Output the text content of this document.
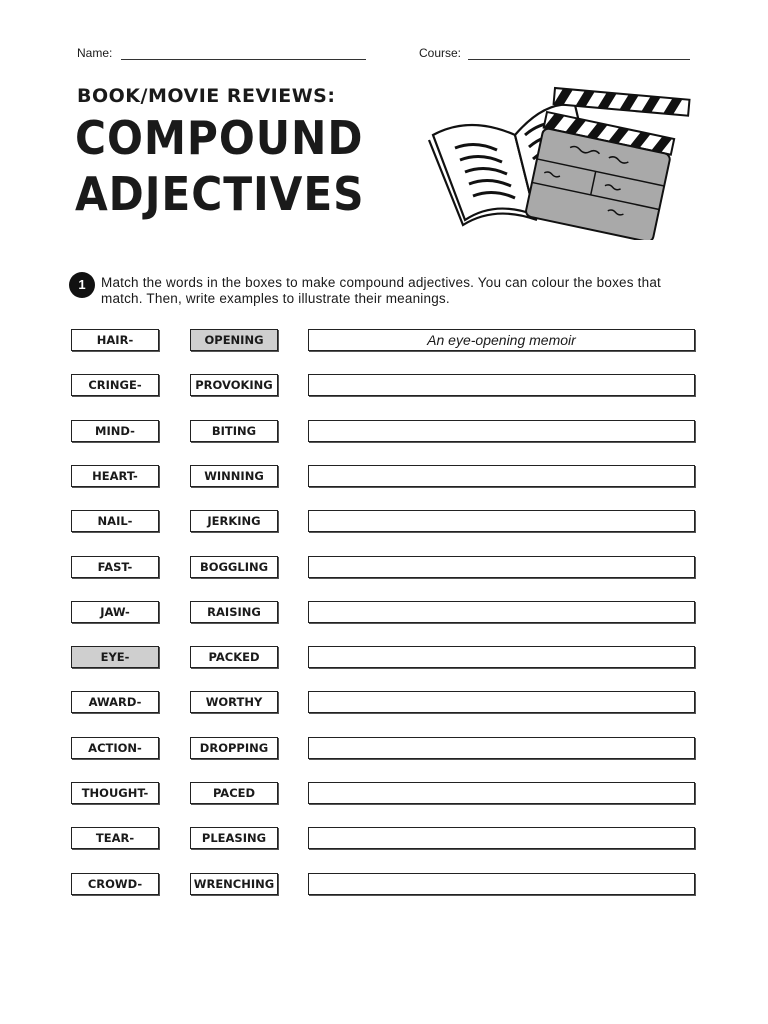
Name:	Course:
BOOK/MOVIE REVIEWS:
COMPOUND
ADJECTIVES
1	Match the words in the boxes to make compound adjectives. You can colour the boxes that match. Then, write examples to illustrate their meanings.
HAIR-	OPENING	An eye-opening memoir
CRINGE-	PROVOKING
MIND-	BITING
HEART-	WINNING
NAIL-	JERKING
FAST-	BOGGLING
JAW-	RAISING
EYE-	PACKED
AWARD-	WORTHY
ACTION-	DROPPING
THOUGHT-	PACED
TEAR-	PLEASING
CROWD-	WRENCHING
